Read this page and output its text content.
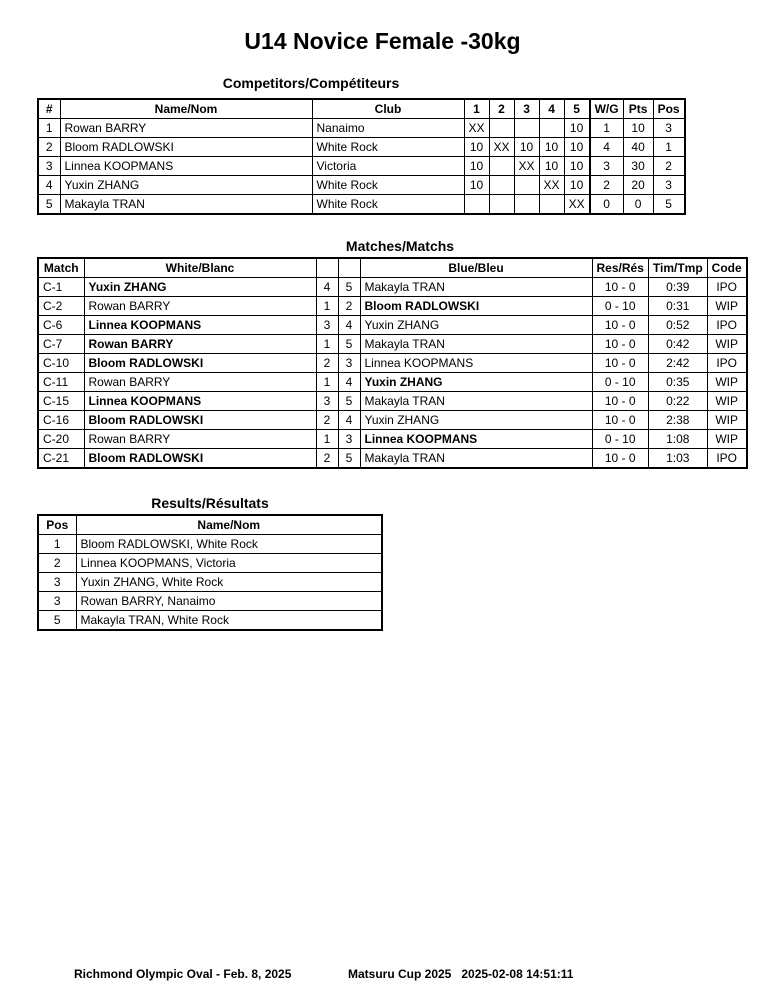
U14 Novice Female -30kg
Competitors/Compétiteurs
#	Name/Nom	Club	1	2	3	4	5	W/G	Pts	Pos
1	Rowan BARRY	Nanaimo	XX				10	1	10	3
2	Bloom RADLOWSKI	White Rock	10	XX	10	10	10	4	40	1
3	Linnea KOOPMANS	Victoria	10		XX	10	10	3	30	2
4	Yuxin ZHANG	White Rock	10			XX	10	2	20	3
5	Makayla TRAN	White Rock					XX	0	0	5
Matches/Matchs
Match	White/Blanc			Blue/Bleu	Res/Rés	Tim/Tmp	Code
C-1	Yuxin ZHANG	4	5	Makayla TRAN	10 - 0	0:39	IPO
C-2	Rowan BARRY	1	2	Bloom RADLOWSKI	0 - 10	0:31	WIP
C-6	Linnea KOOPMANS	3	4	Yuxin ZHANG	10 - 0	0:52	IPO
C-7	Rowan BARRY	1	5	Makayla TRAN	10 - 0	0:42	WIP
C-10	Bloom RADLOWSKI	2	3	Linnea KOOPMANS	10 - 0	2:42	IPO
C-11	Rowan BARRY	1	4	Yuxin ZHANG	0 - 10	0:35	WIP
C-15	Linnea KOOPMANS	3	5	Makayla TRAN	10 - 0	0:22	WIP
C-16	Bloom RADLOWSKI	2	4	Yuxin ZHANG	10 - 0	2:38	WIP
C-20	Rowan BARRY	1	3	Linnea KOOPMANS	0 - 10	1:08	WIP
C-21	Bloom RADLOWSKI	2	5	Makayla TRAN	10 - 0	1:03	IPO
Results/Résultats
Pos	Name/Nom
1	Bloom RADLOWSKI, White Rock
2	Linnea KOOPMANS, Victoria
3	Yuxin ZHANG, White Rock
3	Rowan BARRY, Nanaimo
5	Makayla TRAN, White Rock
Richmond Olympic Oval - Feb. 8, 2025	Matsuru Cup 2025   2025-02-08 14:51:11
